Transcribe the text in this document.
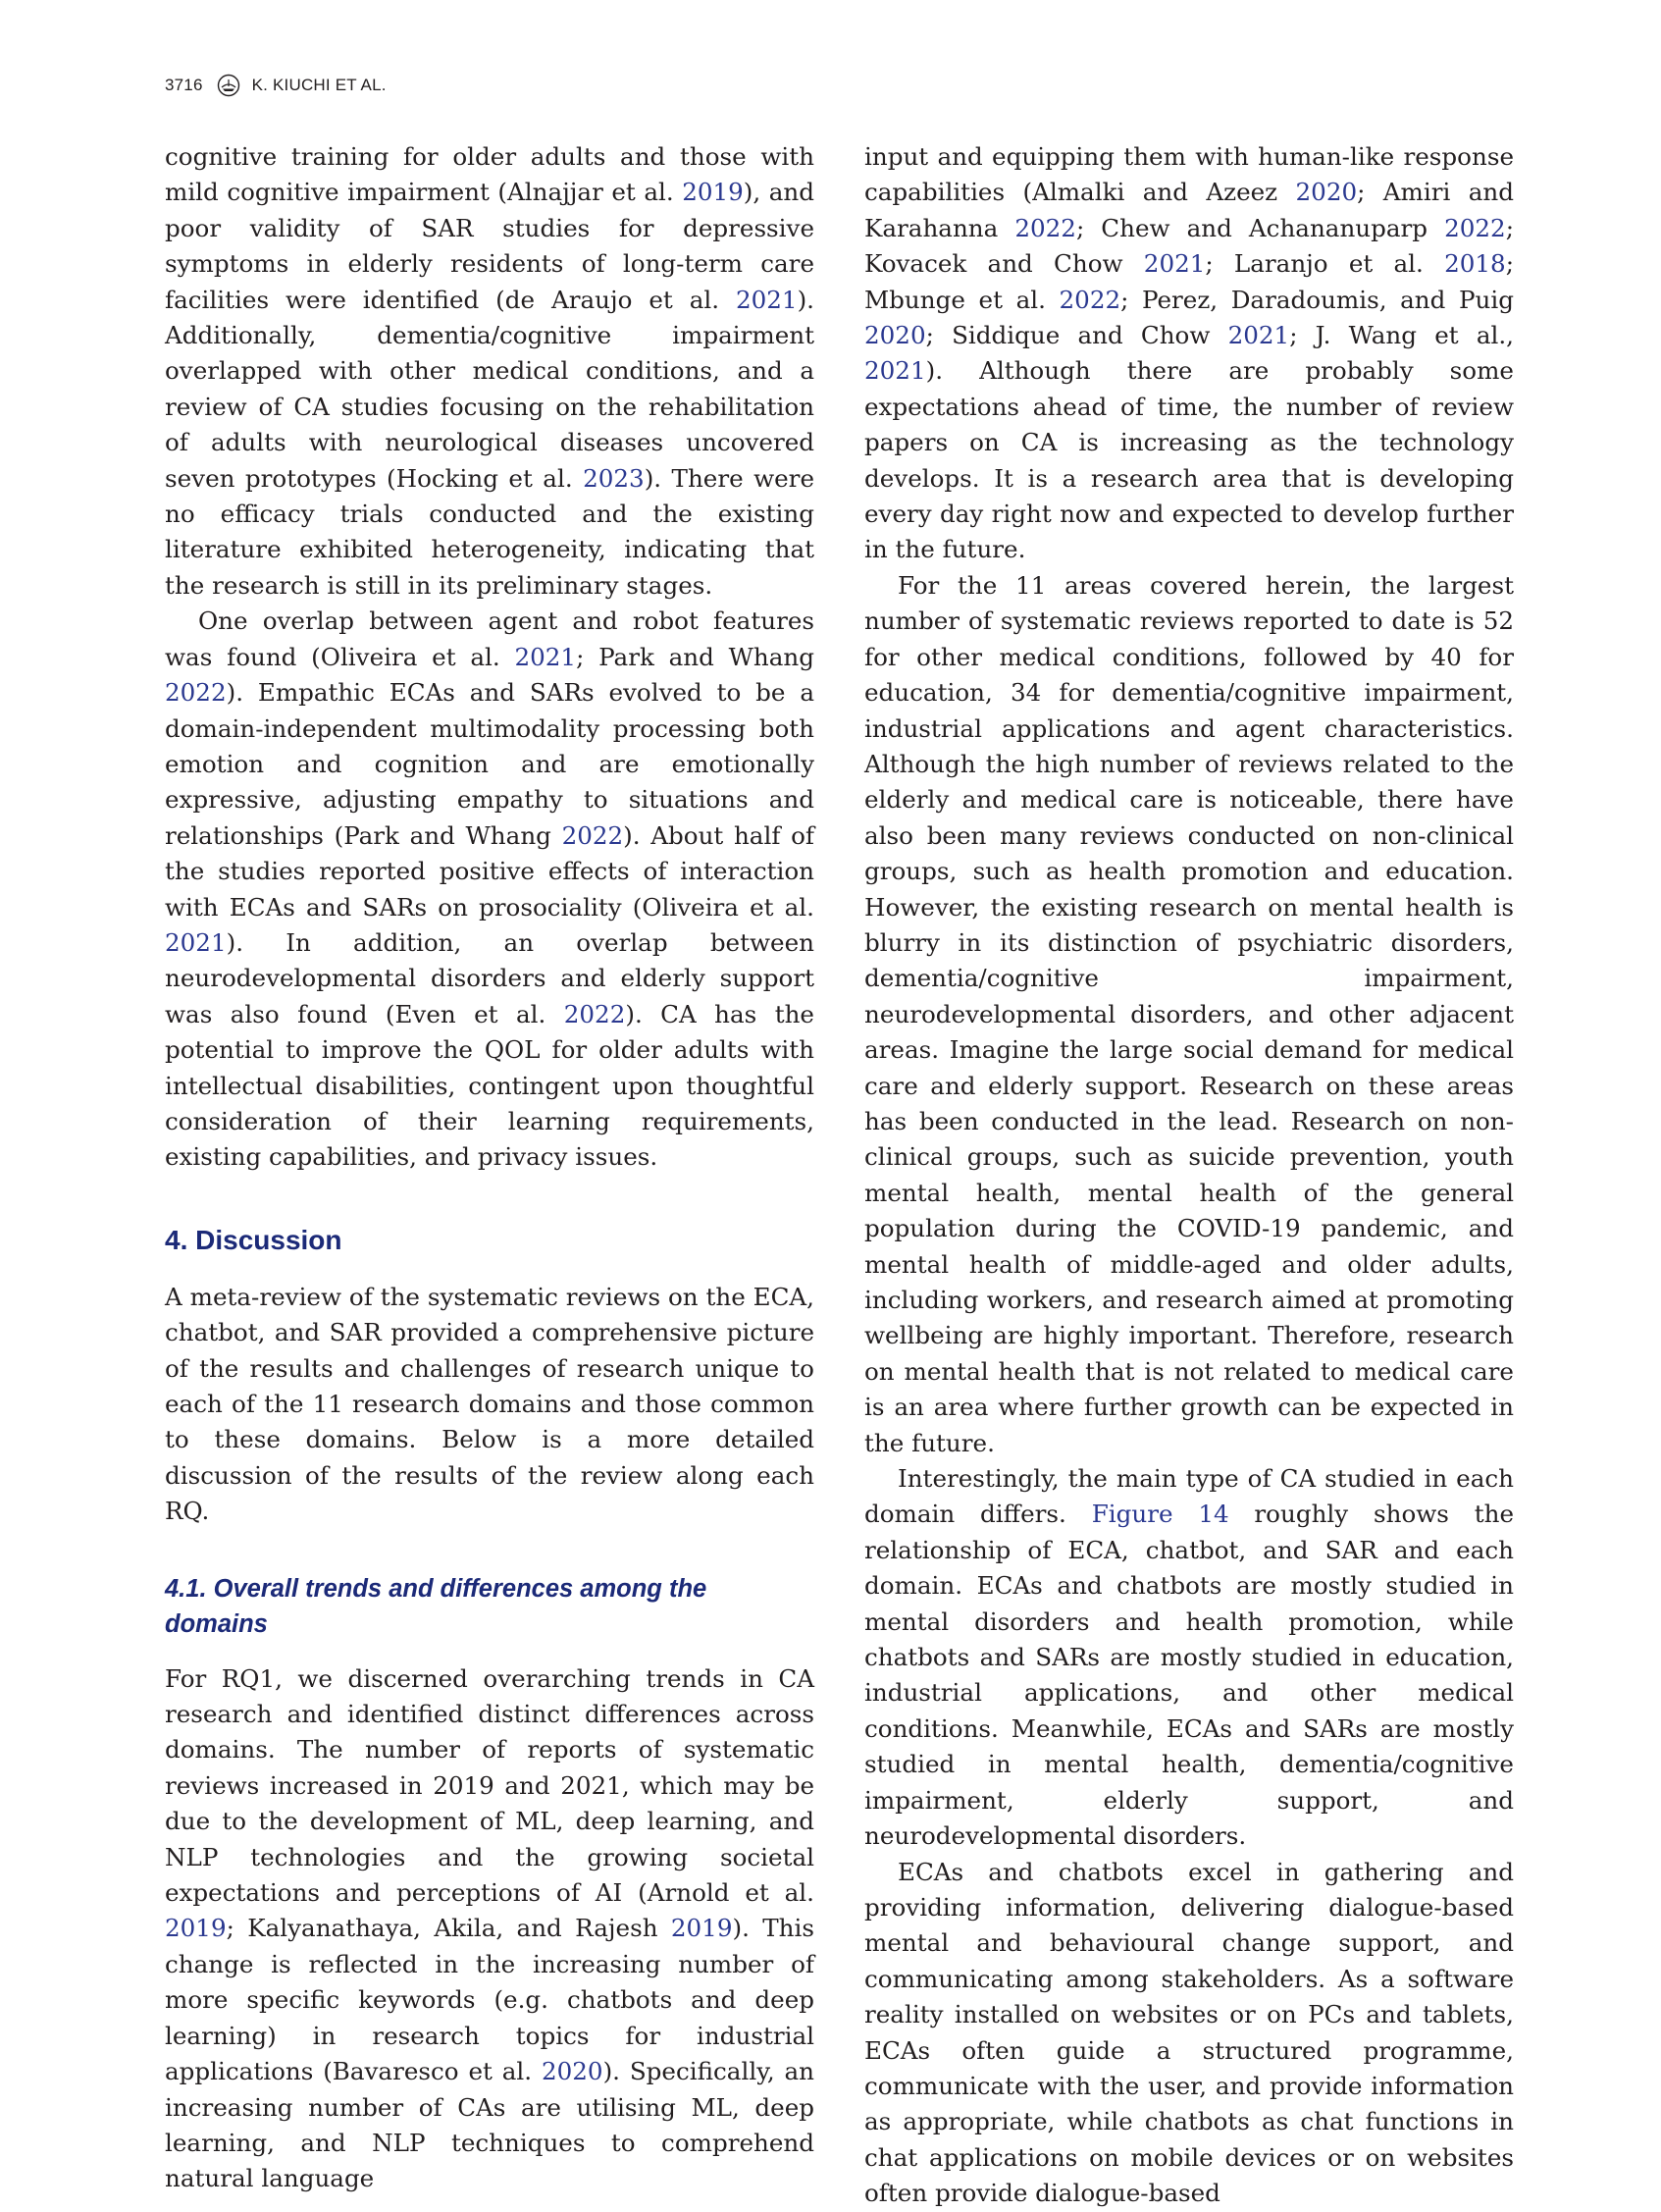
3716	K. KIUCHI ET AL.

cognitive training for older adults and those with mild cognitive impairment (Alnajjar et al. 2019), and poor validity of SAR studies for depressive symptoms in elderly residents of long-term care facilities were identified (de Araujo et al. 2021). Additionally, dementia/cognitive impairment overlapped with other medical conditions, and a review of CA studies focusing on the rehabilitation of adults with neurological diseases uncovered seven prototypes (Hocking et al. 2023). There were no efficacy trials conducted and the existing literature exhibited heterogeneity, indicating that the research is still in its preliminary stages.

One overlap between agent and robot features was found (Oliveira et al. 2021; Park and Whang 2022). Empathic ECAs and SARs evolved to be a domain-independent multimodality processing both emotion and cognition and are emotionally expressive, adjusting empathy to situations and relationships (Park and Whang 2022). About half of the studies reported positive effects of interaction with ECAs and SARs on prosociality (Oliveira et al. 2021). In addition, an overlap between neurodevelopmental disorders and elderly support was also found (Even et al. 2022). CA has the potential to improve the QOL for older adults with intellectual disabilities, contingent upon thoughtful consideration of their learning requirements, existing capabilities, and privacy issues.

4. Discussion

A meta-review of the systematic reviews on the ECA, chatbot, and SAR provided a comprehensive picture of the results and challenges of research unique to each of the 11 research domains and those common to these domains. Below is a more detailed discussion of the results of the review along each RQ.

4.1. Overall trends and differences among the domains

For RQ1, we discerned overarching trends in CA research and identified distinct differences across domains. The number of reports of systematic reviews increased in 2019 and 2021, which may be due to the development of ML, deep learning, and NLP technologies and the growing societal expectations and perceptions of AI (Arnold et al. 2019; Kalyanathaya, Akila, and Rajesh 2019). This change is reflected in the increasing number of more specific keywords (e.g. chatbots and deep learning) in research topics for industrial applications (Bavaresco et al. 2020). Specifically, an increasing number of CAs are utilising ML, deep learning, and NLP techniques to comprehend natural language

input and equipping them with human-like response capabilities (Almalki and Azeez 2020; Amiri and Karahanna 2022; Chew and Achananuparp 2022; Kovacek and Chow 2021; Laranjo et al. 2018; Mbunge et al. 2022; Perez, Daradoumis, and Puig 2020; Siddique and Chow 2021; J. Wang et al., 2021). Although there are probably some expectations ahead of time, the number of review papers on CA is increasing as the technology develops. It is a research area that is developing every day right now and expected to develop further in the future.

For the 11 areas covered herein, the largest number of systematic reviews reported to date is 52 for other medical conditions, followed by 40 for education, 34 for dementia/cognitive impairment, industrial applications and agent characteristics. Although the high number of reviews related to the elderly and medical care is noticeable, there have also been many reviews conducted on non-clinical groups, such as health promotion and education. However, the existing research on mental health is blurry in its distinction of psychiatric disorders, dementia/cognitive impairment, neurodevelopmental disorders, and other adjacent areas. Imagine the large social demand for medical care and elderly support. Research on these areas has been conducted in the lead. Research on non-clinical groups, such as suicide prevention, youth mental health, mental health of the general population during the COVID-19 pandemic, and mental health of middle-aged and older adults, including workers, and research aimed at promoting wellbeing are highly important. Therefore, research on mental health that is not related to medical care is an area where further growth can be expected in the future.

Interestingly, the main type of CA studied in each domain differs. Figure 14 roughly shows the relationship of ECA, chatbot, and SAR and each domain. ECAs and chatbots are mostly studied in mental disorders and health promotion, while chatbots and SARs are mostly studied in education, industrial applications, and other medical conditions. Meanwhile, ECAs and SARs are mostly studied in mental health, dementia/cognitive impairment, elderly support, and neurodevelopmental disorders.

ECAs and chatbots excel in gathering and providing information, delivering dialogue-based mental and behavioural change support, and communicating among stakeholders. As a software reality installed on websites or on PCs and tablets, ECAs often guide a structured programme, communicate with the user, and provide information as appropriate, while chatbots as chat functions in chat applications on mobile devices or on websites often provide dialogue-based
